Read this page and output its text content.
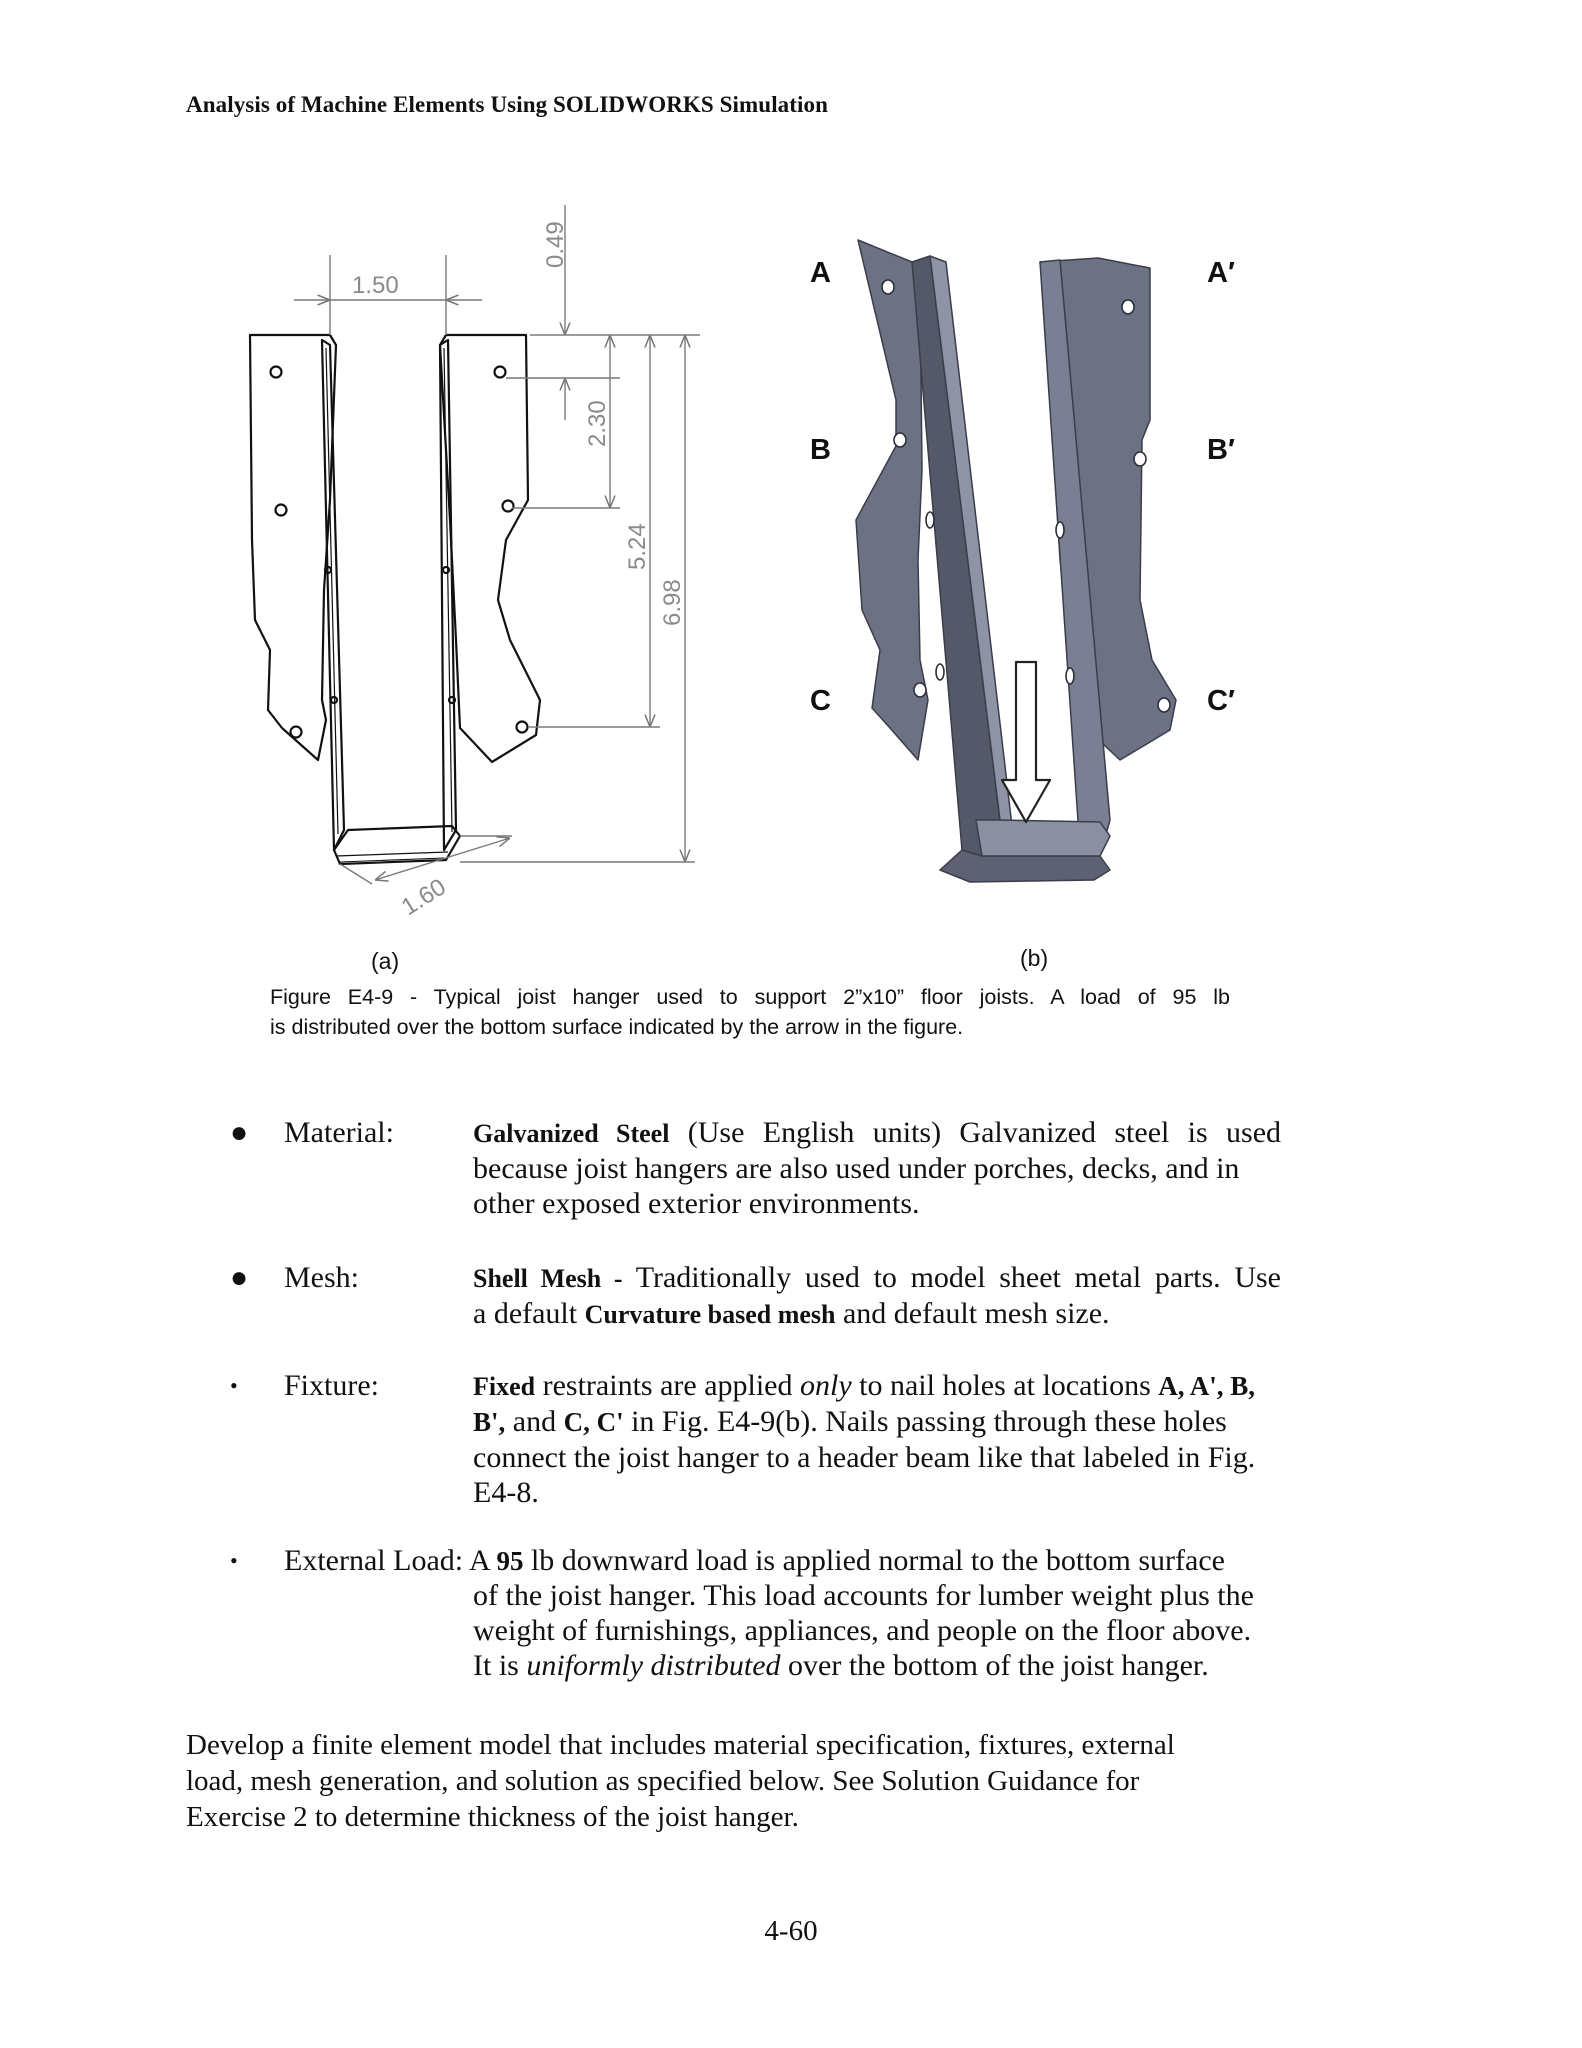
Analysis of Machine Elements Using SOLIDWORKS Simulation
1.50
0.49
2.30
5.24
6.98
1.60
A
B
C
A′
B′
C′
(a)	(b)
Figure E4-9 - Typical joist hanger used to support 2”x10” floor joists. A load of 95 lb
is distributed over the bottom surface indicated by the arrow in the figure.
● Material:	Galvanized Steel (Use English units) Galvanized steel is used
because joist hangers are also used under porches, decks, and in
other exposed exterior environments.
● Mesh:	Shell Mesh - Traditionally used to model sheet metal parts. Use
a default Curvature based mesh and default mesh size.
• Fixture:	Fixed restraints are applied only to nail holes at locations A, A', B,
B', and C, C' in Fig. E4-9(b). Nails passing through these holes
connect the joist hanger to a header beam like that labeled in Fig.
E4-8.
• External Load: A 95 lb downward load is applied normal to the bottom surface
of the joist hanger. This load accounts for lumber weight plus the
weight of furnishings, appliances, and people on the floor above.
It is uniformly distributed over the bottom of the joist hanger.
Develop a finite element model that includes material specification, fixtures, external
load, mesh generation, and solution as specified below. See Solution Guidance for
Exercise 2 to determine thickness of the joist hanger.
4-60
